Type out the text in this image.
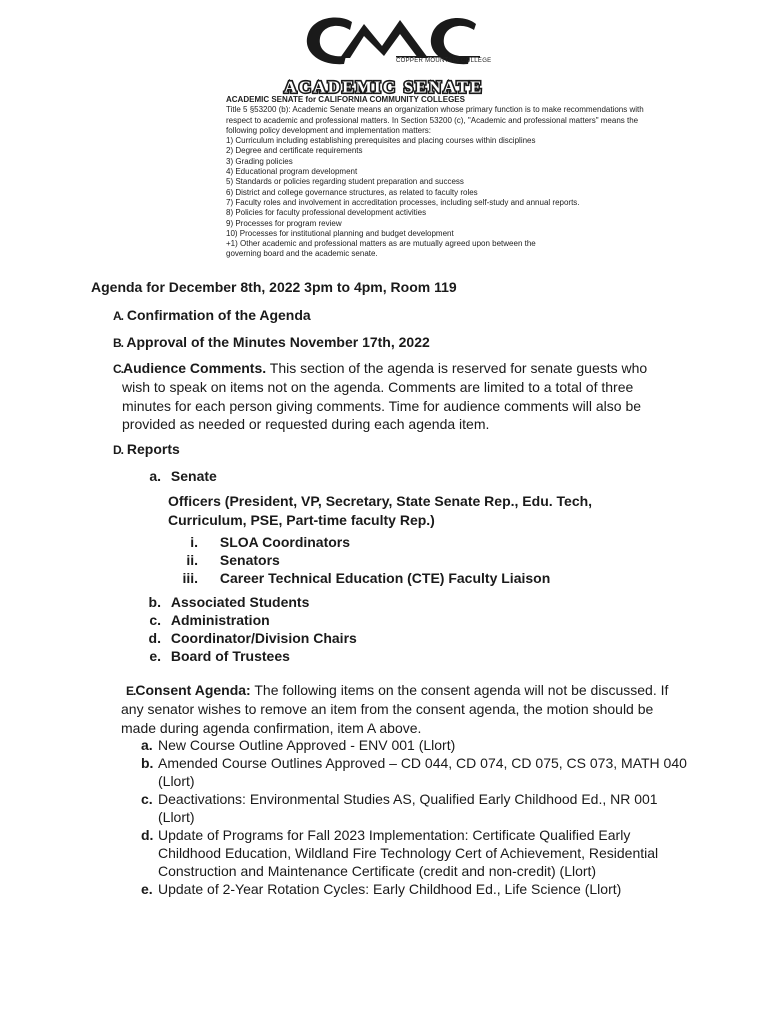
COPPER MOUNTAIN COLLEGE
ACADEMIC SENATE
ACADEMIC SENATE for CALIFORNIA COMMUNITY COLLEGES
Title 5 §53200 (b): Academic Senate means an organization whose primary function is to make recommendations with
respect to academic and professional matters. In Section 53200 (c), "Academic and professional matters" means the
following policy development and implementation matters:
1) Curriculum including establishing prerequisites and placing courses within disciplines
2) Degree and certificate requirements
3) Grading policies
4) Educational program development
5) Standards or policies regarding student preparation and success
6) District and college governance structures, as related to faculty roles
7) Faculty roles and involvement in accreditation processes, including self-study and annual reports.
8) Policies for faculty professional development activities
9) Processes for program review
10) Processes for institutional planning and budget development
+1) Other academic and professional matters as are mutually agreed upon between the
governing board and the academic senate.
Agenda for December 8th, 2022 3pm to 4pm, Room 119
A. Confirmation of the Agenda
B. Approval of the Minutes November 17th, 2022
C.Audience Comments. This section of the agenda is reserved for senate guests who
wish to speak on items not on the agenda. Comments are limited to a total of three
minutes for each person giving comments. Time for audience comments will also be
provided as needed or requested during each agenda item.
D. Reports
a. Senate
Officers (President, VP, Secretary, State Senate Rep., Edu. Tech,
Curriculum, PSE, Part-time faculty Rep.)
i. SLOA Coordinators
ii. Senators
iii. Career Technical Education (CTE) Faculty Liaison
b. Associated Students
c. Administration
d. Coordinator/Division Chairs
e. Board of Trustees
E.Consent Agenda: The following items on the consent agenda will not be discussed. If
any senator wishes to remove an item from the consent agenda, the motion should be
made during agenda confirmation, item A above.
a. New Course Outline Approved - ENV 001 (Llort)
b. Amended Course Outlines Approved – CD 044, CD 074, CD 075, CS 073, MATH 040
(Llort)
c. Deactivations: Environmental Studies AS, Qualified Early Childhood Ed., NR 001
(Llort)
d. Update of Programs for Fall 2023 Implementation: Certificate Qualified Early
Childhood Education, Wildland Fire Technology Cert of Achievement, Residential
Construction and Maintenance Certificate (credit and non-credit) (Llort)
e. Update of 2-Year Rotation Cycles: Early Childhood Ed., Life Science (Llort)
